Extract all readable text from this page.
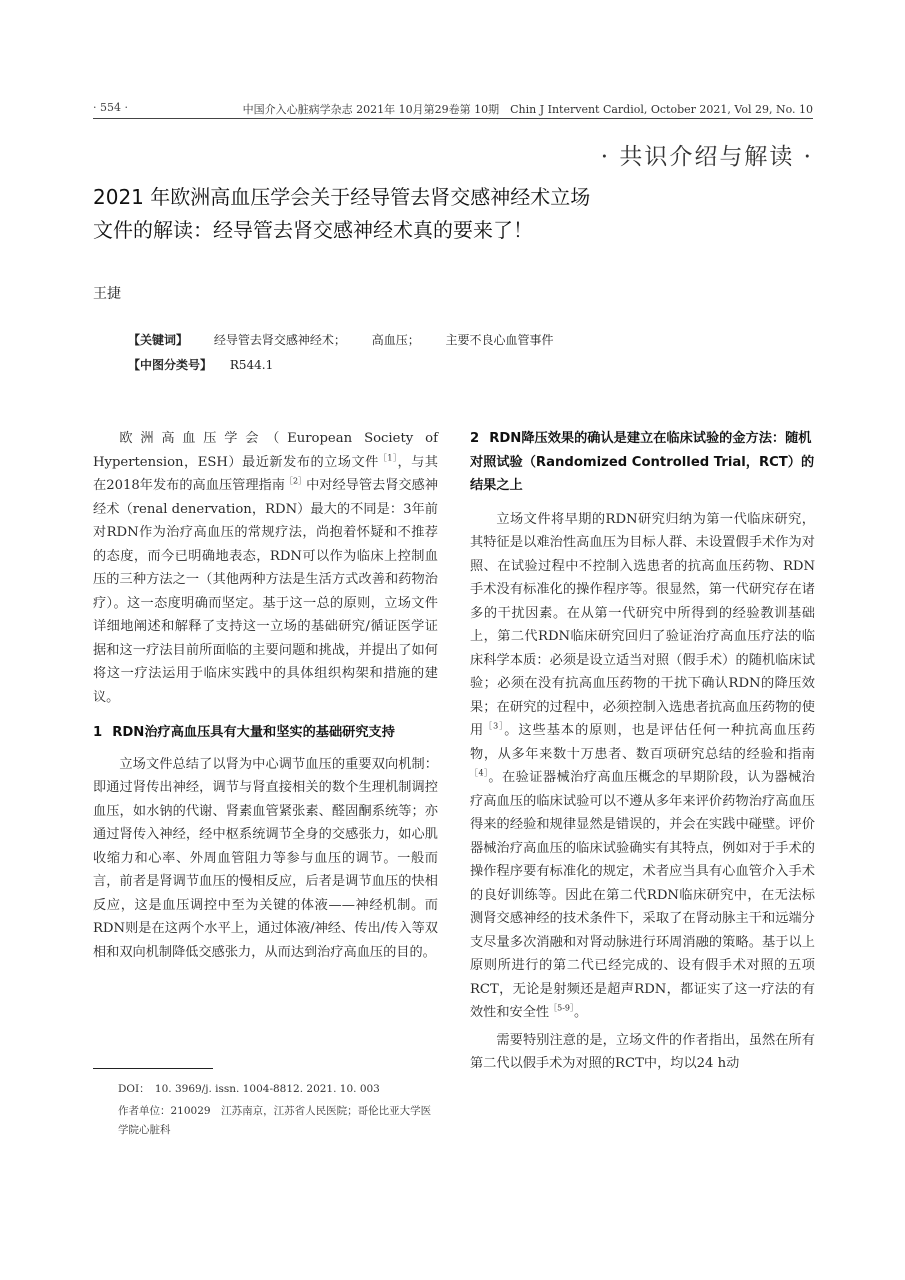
· 554 ·	中国介入心脏病学杂志 2021年 10月第29卷第 10期　Chin J Intervent Cardiol, October 2021, Vol 29, No. 10
· 共识介绍与解读 ·
2021 年欧洲高血压学会关于经导管去肾交感神经术立场
文件的解读：经导管去肾交感神经术真的要来了！
王捷
【关键词】 经导管去肾交感神经术； 高血压； 主要不良心血管事件
【中图分类号】 R544.1

欧洲高血压学会（European Society of Hypertension，ESH）最近新发布的立场文件$^{[1]}$，与其在2018年发布的高血压管理指南$^{[2]}$中对经导管去肾交感神经术（renal denervation，RDN）最大的不同是：3年前对RDN作为治疗高血压的常规疗法，尚抱着怀疑和不推荐的态度，而今已明确地表态，RDN可以作为临床上控制血压的三种方法之一（其他两种方法是生活方式改善和药物治疗）。这一态度明确而坚定。基于这一总的原则，立场文件详细地阐述和解释了支持这一立场的基础研究/循证医学证据和这一疗法目前所面临的主要问题和挑战，并提出了如何将这一疗法运用于临床实践中的具体组织构架和措施的建议。

1 RDN治疗高血压具有大量和坚实的基础研究支持

立场文件总结了以肾为中心调节血压的重要双向机制：即通过肾传出神经，调节与肾直接相关的数个生理机制调控血压，如水钠的代谢、肾素血管紧张素、醛固酮系统等；亦通过肾传入神经，经中枢系统调节全身的交感张力，如心肌收缩力和心率、外周血管阻力等参与血压的调节。一般而言，前者是肾调节血压的慢相反应，后者是调节血压的快相反应，这是血压调控中至为关键的体液——神经机制。而RDN则是在这两个水平上，通过体液/神经、传出/传入等双相和双向机制降低交感张力，从而达到治疗高血压的目的。

DOI：　10. 3969/j. issn. 1004-8812. 2021. 10. 003
作者单位：210029　江苏南京，江苏省人民医院；哥伦比亚大学医学院心脏科
2 RDN降压效果的确认是建立在临床试验的金方法：随机对照试验（Randomized Controlled Trial，RCT）的结果之上

立场文件将早期的RDN研究归纳为第一代临床研究，其特征是以难治性高血压为目标人群、未设置假手术作为对照、在试验过程中不控制入选患者的抗高血压药物、RDN手术没有标准化的操作程序等。很显然，第一代研究存在诸多的干扰因素。在从第一代研究中所得到的经验教训基础上，第二代RDN临床研究回归了验证治疗高血压疗法的临床科学本质：必须是设立适当对照（假手术）的随机临床试验；必须在没有抗高血压药物的干扰下确认RDN的降压效果；在研究的过程中，必须控制入选患者抗高血压药物的使用$^{[3]}$。这些基本的原则，也是评估任何一种抗高血压药物，从多年来数十万患者、数百项研究总结的经验和指南$^{[4]}$。在验证器械治疗高血压概念的早期阶段，认为器械治疗高血压的临床试验可以不遵从多年来评价药物治疗高血压得来的经验和规律显然是错误的，并会在实践中碰壁。评价器械治疗高血压的临床试验确实有其特点，例如对于手术的操作程序要有标准化的规定，术者应当具有心血管介入手术的良好训练等。因此在第二代RDN临床研究中，在无法标测肾交感神经的技术条件下，采取了在肾动脉主干和远端分支尽量多次消融和对肾动脉进行环周消融的策略。基于以上原则所进行的第二代已经完成的、设有假手术对照的五项RCT，无论是射频还是超声RDN，都证实了这一疗法的有效性和安全性$^{[5-9]}$。

需要特别注意的是，立场文件的作者指出，虽然在所有第二代以假手术为对照的RCT中，均以24 h动
